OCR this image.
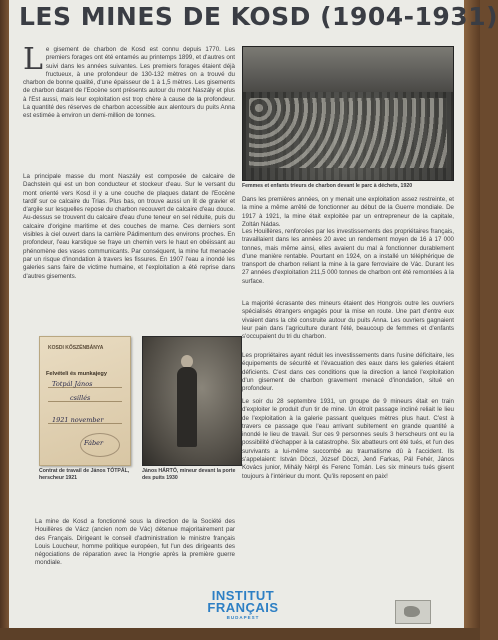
LES MINES DE KOSD (1904-1931)
L e gisement de charbon de Kosd est connu depuis 1770. Les premiers forages ont été entamés au printemps 1899, et d'autres ont suivi dans les années suivantes. Les premiers forages étaient déjà fructueux, à une profondeur de 130-132 mètres on a trouvé du charbon de bonne qualité, d'une épaisseur de 1 à 1,5 mètres. Les gisements de charbon datant de l'Eocène sont présents autour du mont Naszály et plus à l'Est aussi, mais leur exploitation est trop chère à cause de la profondeur. La quantité des réserves de charbon accessible aux alentours du puits Anna est estimée à environ un demi-million de tonnes.
La principale masse du mont Naszály est composée de calcaire de Dachstein qui est un bon conducteur et stockeur d'eau. Sur le versant du mont orienté vers Kosd il y a une couche de plaques datant de l'Eocène tardif sur ce calcaire du Trias. Plus bas, on trouve aussi un lit de gravier et d'argile sur lesquelles repose du charbon recouvert de calcaire d'eau douce. Au-dessus se trouvent du calcaire d'eau d'une teneur en sel réduite, puis du calcaire d'origine maritime et des couches de marne. Ces derniers sont visibles à ciel ouvert dans la carrière Pádimentum des environs proches. En profondeur, l'eau karstique se fraye un chemin vers le haut en obéissant au phénomène des vases communicants. Par conséquent, la mine fut menacée par un risque d'inondation à travers les fissures. En 1907 l'eau a inondé les galeries sans faire de victime humaine, et l'exploitation a été reprise dans d'autres gisements.
Femmes et enfants trieurs de charbon devant le parc à déchets, 1920
Dans les premières années, on y menait une exploitation assez restreinte, et la mine a même arrêté de fonctionner au début de la Guerre mondiale. De 1917 à 1921, la mine était exploitée par un entrepreneur de la capitale, Zoltán Nádas.
Les Houillères, renforcées par les investissements des propriétaires français, travaillaient dans les années 20 avec un rendement moyen de 16 à 17 000 tonnes, mais même ainsi, elles avaient du mal à fonctionner durablement d'une manière rentable. Pourtant en 1924, on a installé un téléphérique de transport de charbon reliant la mine à la gare ferroviaire de Vác. Durant les 27 années d'exploitation 211,5 000 tonnes de charbon ont été remontées à la surface.
La majorité écrasante des mineurs étaient des Hongrois outre les ouvriers spécialisés étrangers engagés pour la mise en route. Une part d'entre eux vivaient dans la cité construite autour du puits Anna. Les ouvriers gagnaient leur pain dans l'agriculture durant l'été, beaucoup de femmes et d'enfants s'occupaient du tri du charbon.
Les propriétaires ayant réduit les investissements dans l'usine déficitaire, les équipements de sécurité et l'évacuation des eaux dans les galeries étaient déficients. C'est dans ces conditions que la direction a lancé l'exploitation d'un gisement de charbon gravement menacé d'inondation, situé en profondeur.
Le soir du 28 septembre 1931, un groupe de 9 mineurs était en train d'exploiter le produit d'un tir de mine. Un étroit passage incliné reliait le lieu de l'exploitation à la galerie passant quelques mètres plus haut. C'est à travers ce passage que l'eau arrivant subitement en grande quantité a inondé le lieu de travail. Sur ces 9 personnes seuls 3 herscheurs ont eu la possibilité d'échapper à la catastrophe. Six abatteurs ont été tués, et l'un des survivants a lui-même succombé au traumatisme dû à l'accident. Ils s'appelaient: István Döczi, József Döczi, Jenő Farkas, Pál Fehér, János Kovács junior, Mihály Nérpl és Ferenc Tomán. Les six mineurs tués gisent toujours à l'intérieur du mont. Qu'ils reposent en paix!
KOSDI KŐSZÉNBÁNYA
Felvételi és munkajegy
Totpál János
csillés
1921 november
Fáber
Contrat de travail de János TÓTPÁL, herscheur 1921
János HÁRTÓ, mineur devant la porte des puits 1930
La mine de Kosd a fonctionné sous la direction de la Société des Houillères de Vácz (ancien nom de Vác) détenue majoritairement par des Français. Dirigeant le conseil d'administration le ministre français Louis Loucheur, homme politique européen, fut l'un des dirigeants des négociations de réparation avec la Hongrie après la première guerre mondiale.
INSTITUT
FRANÇAIS
BUDAPEST
